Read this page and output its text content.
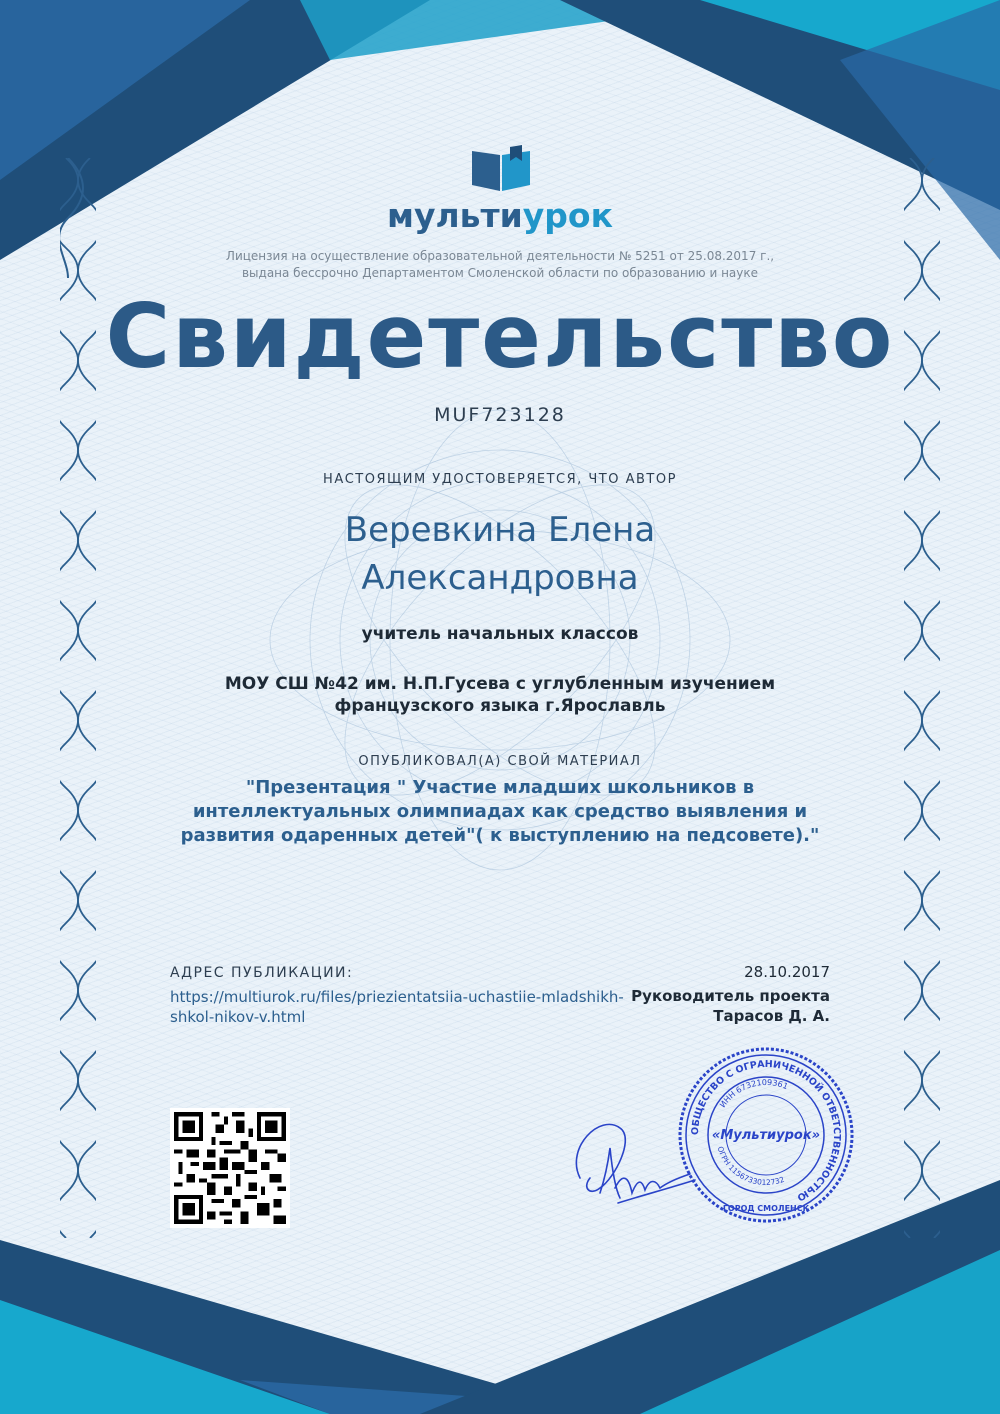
мультиурок
Лицензия на осуществление образовательной деятельности № 5251 от 25.08.2017 г.,
выдана бессрочно Департаментом Смоленской области по образованию и науке
Свидетельство
MUF723128
НАСТОЯЩИМ УДОСТОВЕРЯЕТСЯ, ЧТО АВТОР
Веревкина Елена
Александровна
учитель начальных классов
МОУ СШ №42 им. Н.П.Гусева с углубленным изучением французского языка г.Ярославль
ОПУБЛИКОВАЛ(А) СВОЙ МАТЕРИАЛ
"Презентация " Участие младших школьников в интеллектуальных олимпиадах как средство выявления и развития одаренных детей"( к выступлению на педсовете)."
АДРЕС ПУБЛИКАЦИИ:
https://multiurok.ru/files/priezientatsiia-uchastiie-mladshikh-shkol-nikov-v.html
28.10.2017
Руководитель проекта
Тарасов Д. А.
ОБЩЕСТВО С ОГРАНИЧЕННОЙ ОТВЕТСТВЕННОСТЬЮ
ИНН 6732109361
ОГРН 1156733012732
«Мультиурок»
ГОРОД СМОЛЕНСК
